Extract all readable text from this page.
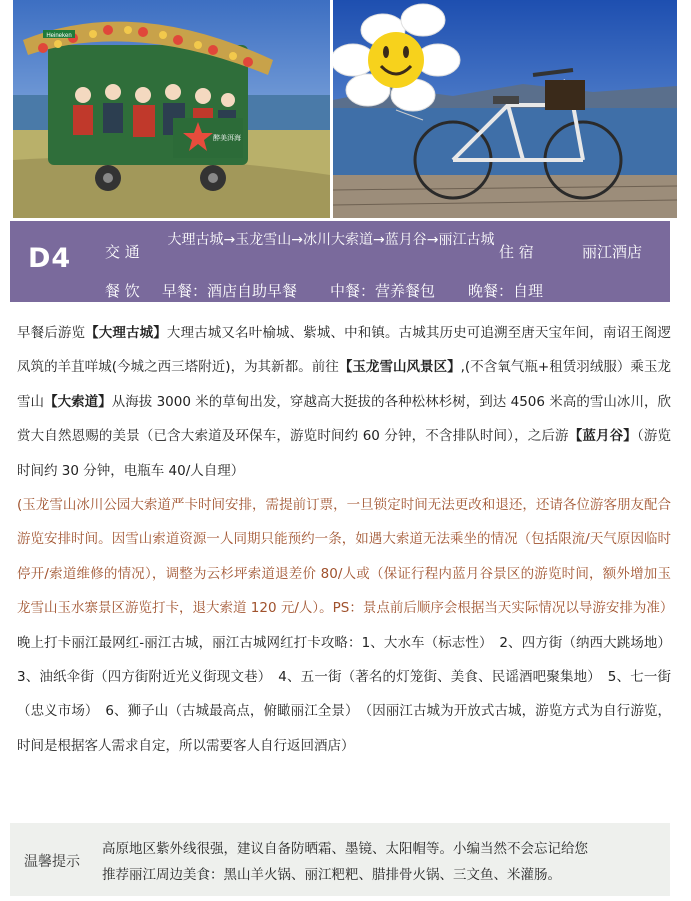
Heineken
醉美洱海
D4 交 通
大理古城→玉龙雪山→冰川大索道→蓝月谷→丽江古城
住 宿	丽江酒店
餐 饮 早餐：酒店自助早餐 中餐：营养餐包 晚餐：自理

早餐后游览【大理古城】大理古城又名叶榆城、紫城、中和镇。古城其历史可追溯至唐天宝年间，南诏王阁逻凤筑的羊苴咩城(今城之西三塔附近)，为其新都。前往【玉龙雪山风景区】,(不含氧气瓶+租赁羽绒服）乘玉龙雪山【大索道】从海拔 3000 米的草甸出发，穿越高大挺拔的各种松林杉树，到达 4506 米高的雪山冰川，欣赏大自然恩赐的美景（已含大索道及环保车，游览时间约 60 分钟，不含排队时间），之后游【蓝月谷】（游览时间约 30 分钟，电瓶车 40/人自理）

(玉龙雪山冰川公园大索道严卡时间安排，需提前订票，一旦锁定时间无法更改和退还，还请各位游客朋友配合游览安排时间。因雪山索道资源一人同期只能预约一条，如遇大索道无法乘坐的情况（包括限流/天气原因临时停开/索道维修的情况），调整为云杉坪索道退差价 80/人或（保证行程内蓝月谷景区的游览时间，额外增加玉龙雪山玉水寨景区游览打卡，退大索道 120 元/人）。PS：景点前后顺序会根据当天实际情况以导游安排为准）

晚上打卡丽江最网红-丽江古城，丽江古城网红打卡攻略：1、大水车（标志性）　2、四方街（纳西大跳场地）3、油纸伞街（四方街附近光义街现文巷）　4、五一街（著名的灯笼街、美食、民谣酒吧聚集地）　5、七一街 （忠义市场）　6、狮子山（古城最高点，俯瞰丽江全景）　（因丽江古城为开放式古城，游览方式为自行游览，时间是根据客人需求自定，所以需要客人自行返回酒店）

温馨提示
高原地区紫外线很强，建议自备防晒霜、墨镜、太阳帽等。小编当然不会忘记给您
推荐丽江周边美食：黑山羊火锅、丽江粑粑、腊排骨火锅、三文鱼、米灌肠。
